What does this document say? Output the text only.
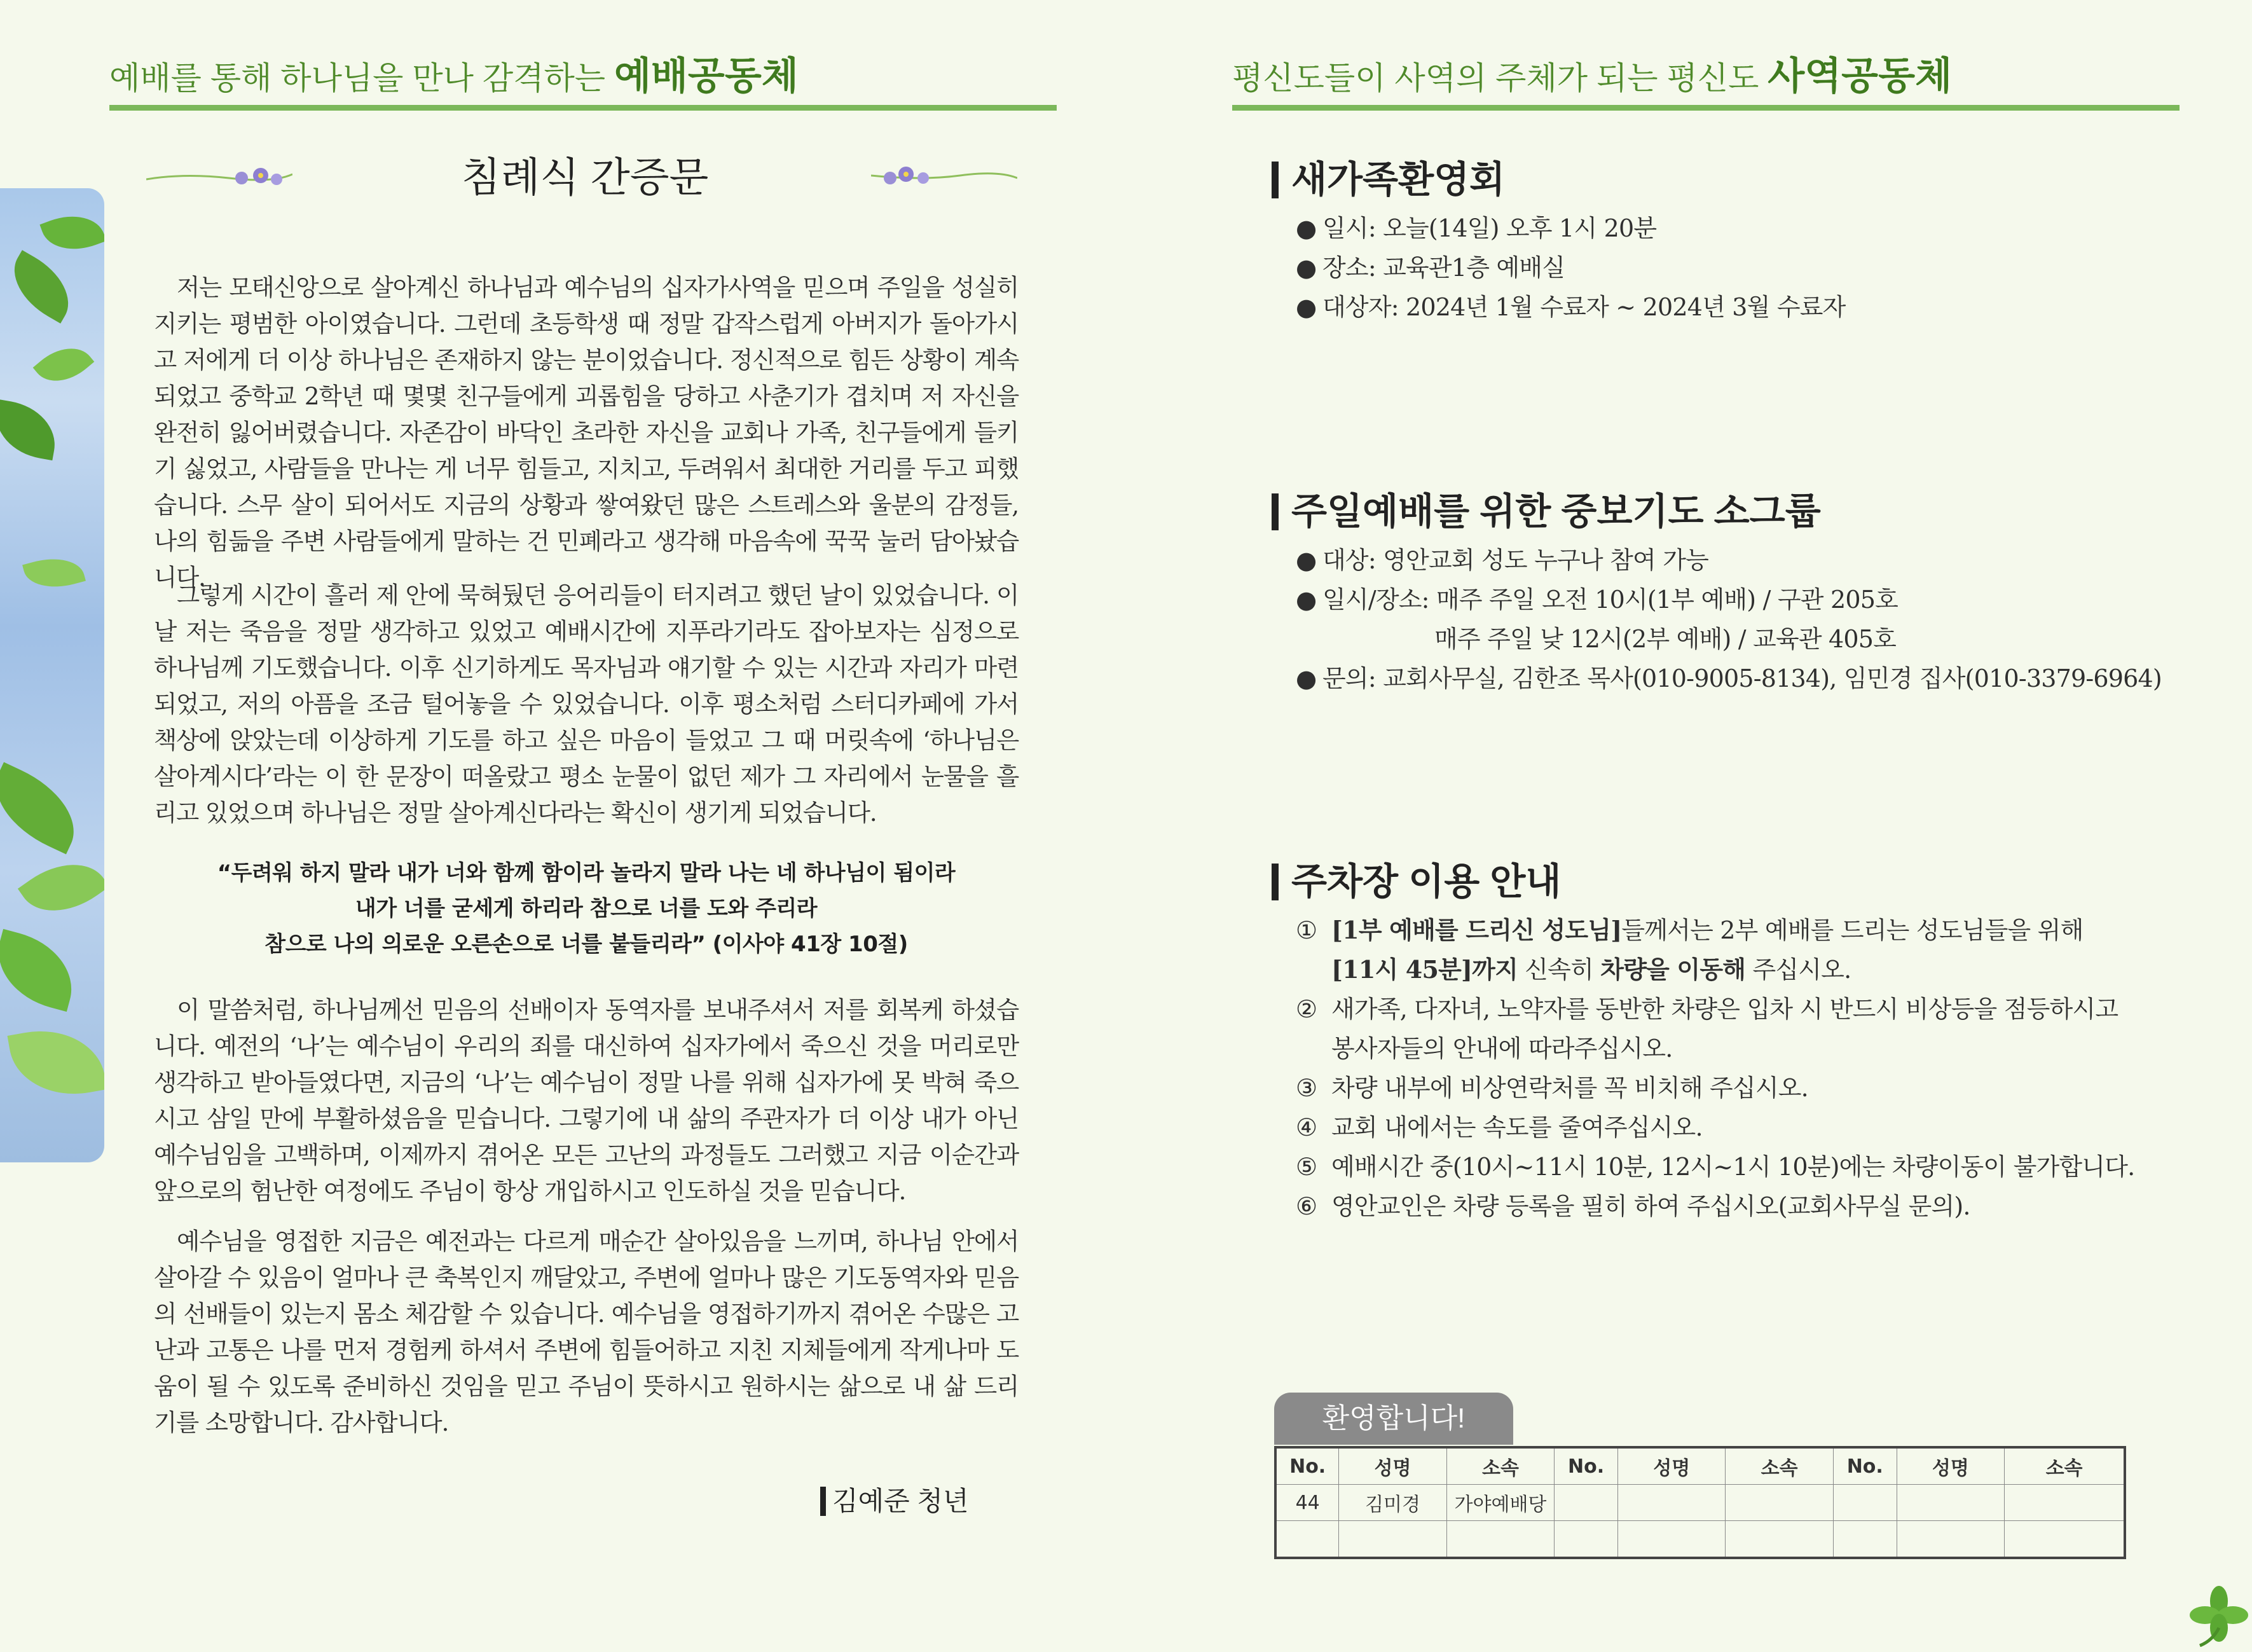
예배를 통해 하나님을 만나 감격하는 예배공동체	평신도들이 사역의 주체가 되는 평신도 사역공동체
침례식 간증문
저는 모태신앙으로 살아계신 하나님과 예수님의 십자가사역을 믿으며 주일을 성실히 지키는 평범한 아이였습니다. 그런데 초등학생 때 정말 갑작스럽게 아버지가 돌아가시고 저에게 더 이상 하나님은 존재하지 않는 분이었습니다. 정신적으로 힘든 상황이 계속 되었고 중학교 2학년 때 몇몇 친구들에게 괴롭힘을 당하고 사춘기가 겹치며 저 자신을 완전히 잃어버렸습니다. 자존감이 바닥인 초라한 자신을 교회나 가족, 친구들에게 들키기 싫었고, 사람들을 만나는 게 너무 힘들고, 지치고, 두려워서 최대한 거리를 두고 피했습니다. 스무 살이 되어서도 지금의 상황과 쌓여왔던 많은 스트레스와 울분의 감정들, 나의 힘듦을 주변 사람들에게 말하는 건 민폐라고 생각해 마음속에 꾹꾹 눌러 담아놨습니다.
그렇게 시간이 흘러 제 안에 묵혀뒀던 응어리들이 터지려고 했던 날이 있었습니다. 이날 저는 죽음을 정말 생각하고 있었고 예배시간에 지푸라기라도 잡아보자는 심정으로 하나님께 기도했습니다. 이후 신기하게도 목자님과 얘기할 수 있는 시간과 자리가 마련되었고, 저의 아픔을 조금 털어놓을 수 있었습니다. 이후 평소처럼 스터디카페에 가서 책상에 앉았는데 이상하게 기도를 하고 싶은 마음이 들었고 그 때 머릿속에 ‘하나님은 살아계시다’라는 이 한 문장이 떠올랐고 평소 눈물이 없던 제가 그 자리에서 눈물을 흘리고 있었으며 하나님은 정말 살아계신다라는 확신이 생기게 되었습니다.
“두려워 하지 말라 내가 너와 함께 함이라 놀라지 말라 나는 네 하나님이 됨이라
내가 너를 굳세게 하리라 참으로 너를 도와 주리라
참으로 나의 의로운 오른손으로 너를 붙들리라” (이사야 41장 10절)
이 말씀처럼, 하나님께선 믿음의 선배이자 동역자를 보내주셔서 저를 회복케 하셨습니다. 예전의 ‘나’는 예수님이 우리의 죄를 대신하여 십자가에서 죽으신 것을 머리로만 생각하고 받아들였다면, 지금의 ‘나’는 예수님이 정말 나를 위해 십자가에 못 박혀 죽으시고 삼일 만에 부활하셨음을 믿습니다. 그렇기에 내 삶의 주관자가 더 이상 내가 아닌 예수님임을 고백하며, 이제까지 겪어온 모든 고난의 과정들도 그러했고 지금 이순간과 앞으로의 험난한 여정에도 주님이 항상 개입하시고 인도하실 것을 믿습니다.
예수님을 영접한 지금은 예전과는 다르게 매순간 살아있음을 느끼며, 하나님 안에서 살아갈 수 있음이 얼마나 큰 축복인지 깨달았고, 주변에 얼마나 많은 기도동역자와 믿음의 선배들이 있는지 몸소 체감할 수 있습니다. 예수님을 영접하기까지 겪어온 수많은 고난과 고통은 나를 먼저 경험케 하셔서 주변에 힘들어하고 지친 지체들에게 작게나마 도움이 될 수 있도록 준비하신 것임을 믿고 주님이 뜻하시고 원하시는 삶으로 내 삶 드리기를 소망합니다. 감사합니다.
김예준 청년
새가족환영회
● 일시: 오늘(14일) 오후 1시 20분
● 장소: 교육관1층 예배실
● 대상자: 2024년 1월 수료자 ~ 2024년 3월 수료자
주일예배를 위한 중보기도 소그룹
● 대상: 영안교회 성도 누구나 참여 가능
● 일시/장소: 매주 주일 오전 10시(1부 예배) / 구관 205호
매주 주일 낮 12시(2부 예배) / 교육관 405호
● 문의: 교회사무실, 김한조 목사(010-9005-8134), 임민경 집사(010-3379-6964)
주차장 이용 안내
① [1부 예배를 드리신 성도님]들께서는 2부 예배를 드리는 성도님들을 위해
[11시 45분]까지 신속히 차량을 이동해 주십시오.
② 새가족, 다자녀, 노약자를 동반한 차량은 입차 시 반드시 비상등을 점등하시고
봉사자들의 안내에 따라주십시오.
③ 차량 내부에 비상연락처를 꼭 비치해 주십시오.
④ 교회 내에서는 속도를 줄여주십시오.
⑤ 예배시간 중(10시~11시 10분, 12시~1시 10분)에는 차량이동이 불가합니다.
⑥ 영안교인은 차량 등록을 필히 하여 주십시오(교회사무실 문의).
환영합니다!
No.	성명	소속	No.	성명	소속	No.	성명	소속
44	김미경	가야예배당						
